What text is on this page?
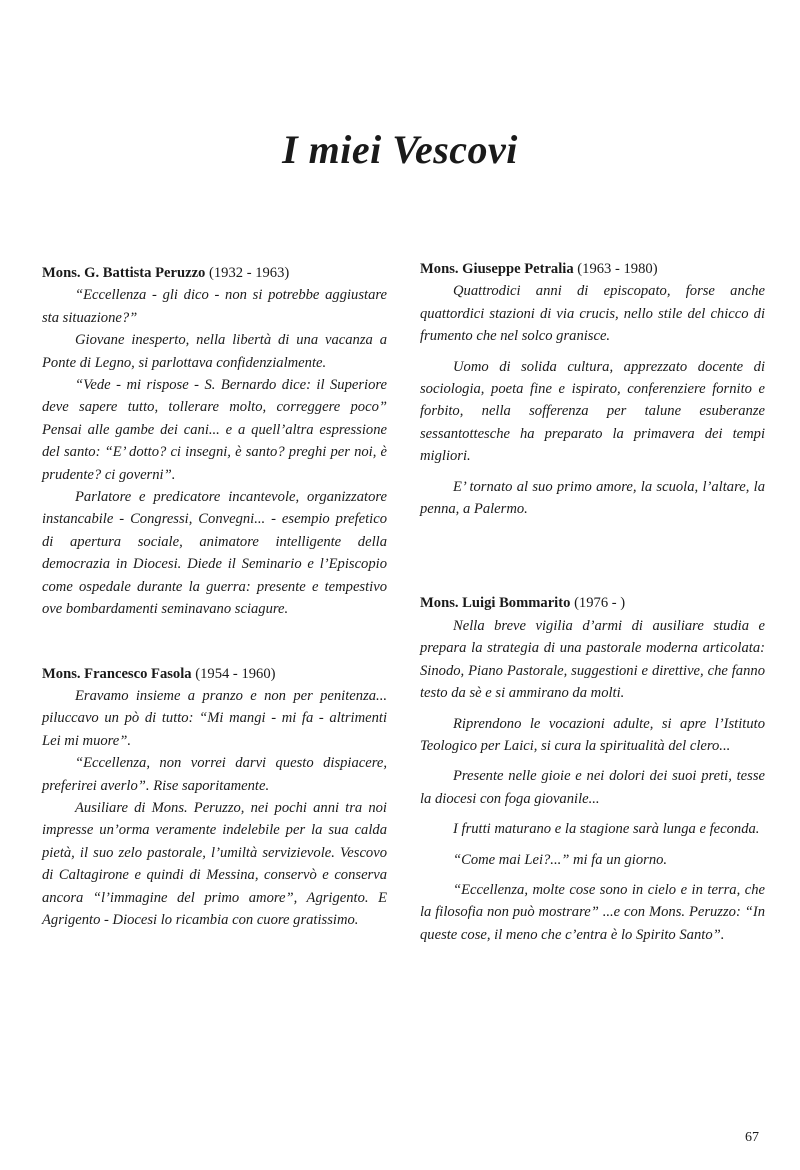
I miei Vescovi

Mons. G. Battista Peruzzo (1932 - 1963)

“Eccellenza - gli dico - non si potrebbe aggiustare sta situazione?”

Giovane inesperto, nella libertà di una vacanza a Ponte di Legno, si parlottava confidenzialmente.

“Vede - mi rispose - S. Bernardo dice: il Superiore deve sapere tutto, tollerare molto, correggere poco” Pensai alle gambe dei cani... e a quell’altra espressione del santo: “E’ dotto? ci insegni, è santo? preghi per noi, è prudente? ci governi”.

Parlatore e predicatore incantevole, organizzatore instancabile - Congressi, Convegni... - esempio prefetico di apertura sociale, animatore intelligente della democrazia in Diocesi. Diede il Seminario e l’Episcopio come ospedale durante la guerra: presente e tempestivo ove bombardamenti seminavano sciagure.

Mons. Francesco Fasola (1954 - 1960)

Eravamo insieme a pranzo e non per penitenza... piluccavo un pò di tutto: “Mi mangi - mi fa - altrimenti Lei mi muore”.

“Eccellenza, non vorrei darvi questo dispiacere, preferirei averlo”. Rise saporitamente.

Ausiliare di Mons. Peruzzo, nei pochi anni tra noi impresse un’orma veramente indelebile per la sua calda pietà, il suo zelo pastorale, l’umiltà servizievole. Vescovo di Caltagirone e quindi di Messina, conservò e conserva ancora “l’immagine del primo amore”, Agrigento. E Agrigento - Diocesi lo ricambia con cuore gratissimo.

Mons. Giuseppe Petralia (1963 - 1980)

Quattrodici anni di episcopato, forse anche quattordici stazioni di via crucis, nello stile del chicco di frumento che nel solco granisce.

Uomo di solida cultura, apprezzato docente di sociologia, poeta fine e ispirato, conferenziere fornito e forbito, nella sofferenza per talune esuberanze sessantottesche ha preparato la primavera dei tempi migliori.

E’ tornato al suo primo amore, la scuola, l’altare, la penna, a Palermo.

Mons. Luigi Bommarito (1976 - )

Nella breve vigilia d’armi di ausiliare studia e prepara la strategia di una pastorale moderna articolata: Sinodo, Piano Pastorale, suggestioni e direttive, che fanno testo da sè e si ammirano da molti.

Riprendono le vocazioni adulte, si apre l’Istituto Teologico per Laici, si cura la spiritualità del clero...

Presente nelle gioie e nei dolori dei suoi preti, tesse la diocesi con foga giovanile...

I frutti maturano e la stagione sarà lunga e feconda.

“Come mai Lei?...” mi fa un giorno.

“Eccellenza, molte cose sono in cielo e in terra, che la filosofia non può mostrare” ...e con Mons. Peruzzo: “In queste cose, il meno che c’entra è lo Spirito Santo”.

67
